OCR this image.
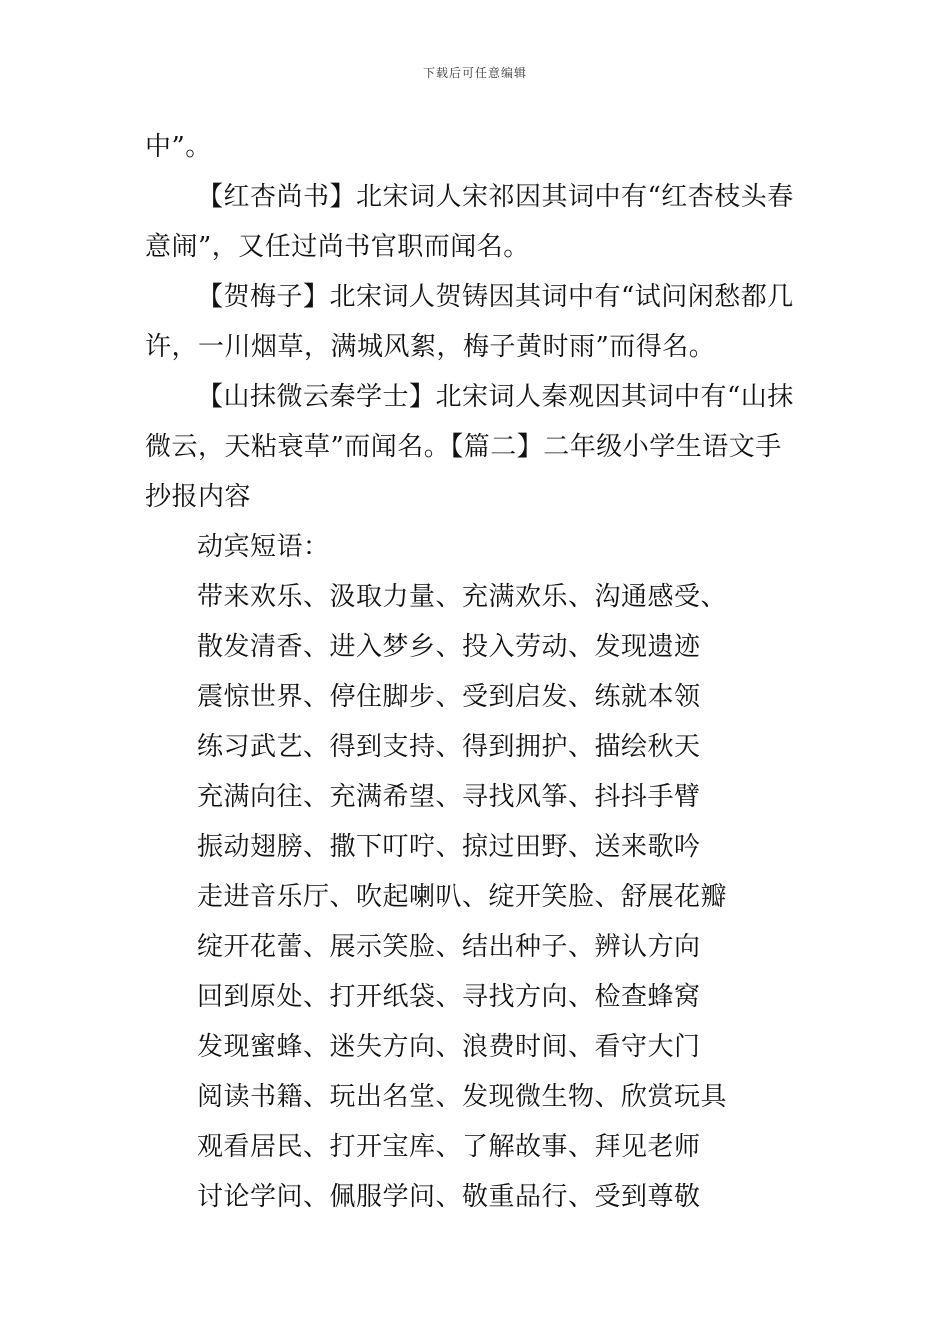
下载后可任意编辑
中”。
【红杏尚书】北宋词人宋祁因其词中有“红杏枝头春
意闹”，又任过尚书官职而闻名。
【贺梅子】北宋词人贺铸因其词中有“试问闲愁都几
许，一川烟草，满城风絮，梅子黄时雨”而得名。
【山抹微云秦学士】北宋词人秦观因其词中有“山抹
微云，天粘衰草”而闻名。【篇二】二年级小学生语文手
抄报内容
动宾短语：
带来欢乐、汲取力量、充满欢乐、沟通感受、
散发清香、进入梦乡、投入劳动、发现遗迹
震惊世界、停住脚步、受到启发、练就本领
练习武艺、得到支持、得到拥护、描绘秋天
充满向往、充满希望、寻找风筝、抖抖手臂
振动翅膀、撒下叮咛、掠过田野、送来歌吟
走进音乐厅、吹起喇叭、绽开笑脸、舒展花瓣
绽开花蕾、展示笑脸、结出种子、辨认方向
回到原处、打开纸袋、寻找方向、检查蜂窝
发现蜜蜂、迷失方向、浪费时间、看守大门
阅读书籍、玩出名堂、发现微生物、欣赏玩具
观看居民、打开宝库、了解故事、拜见老师
讨论学问、佩服学问、敬重品行、受到尊敬
